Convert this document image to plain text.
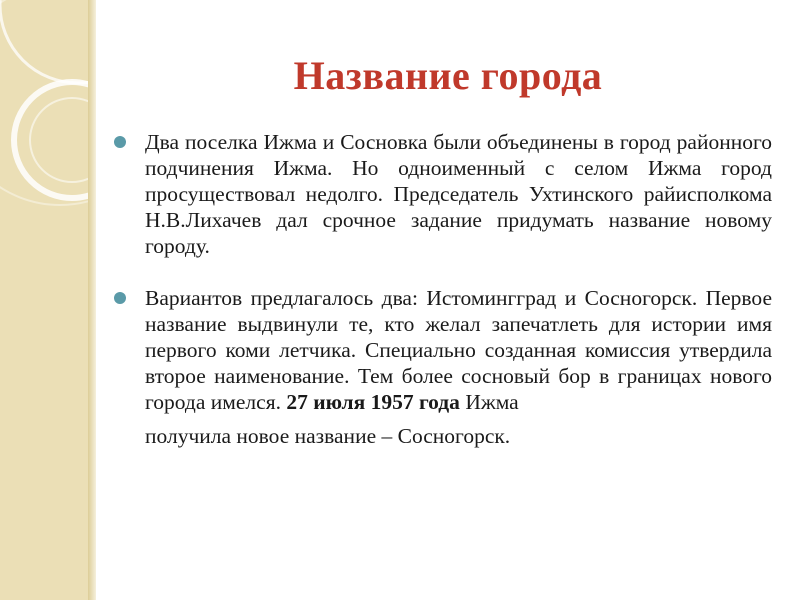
Название города
Два поселка Ижма и Сосновка были объединены в город районного подчинения Ижма. Но одноименный с селом Ижма город просуществовал недолго. Председатель Ухтинского райисполкома Н.В.Лихачев дал срочное задание придумать название новому городу.
Вариантов предлагалось два: Истомингград и Сосногорск. Первое название выдвинули те, кто желал запечатлеть для истории имя первого коми летчика. Специально созданная комиссия утвердила второе наименование. Тем более сосновый бор в границах нового города имелся. 27 июля 1957 года Ижма
получила новое название – Сосногорск.
